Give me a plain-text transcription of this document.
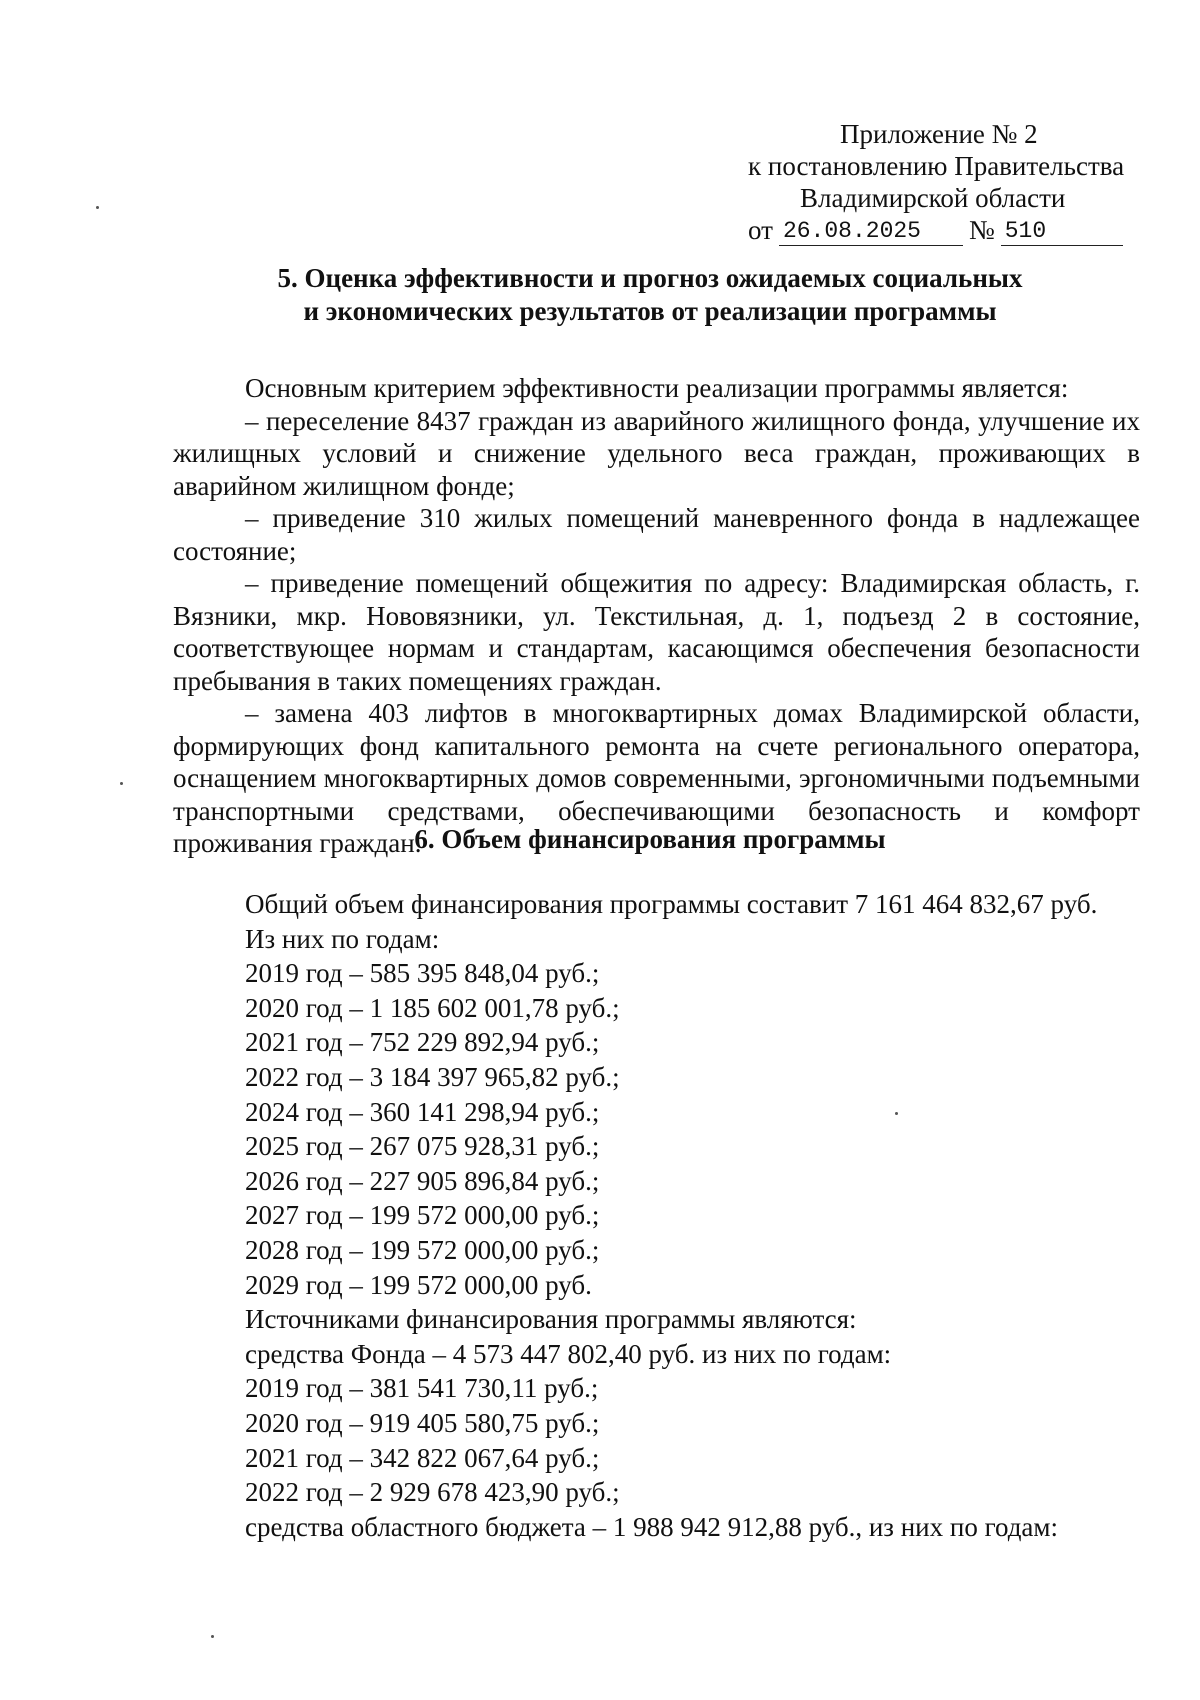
Приложение № 2
к постановлению Правительства
Владимирской области
от 26.08.2025	№ 510
5. Оценка эффективности и прогноз ожидаемых социальных
и экономических результатов от реализации программы

Основным критерием эффективности реализации программы является:

– переселение 8437 граждан из аварийного жилищного фонда, улучшение их жилищных условий и снижение удельного веса граждан, проживающих в аварийном жилищном фонде;

– приведение 310 жилых помещений маневренного фонда в надлежащее состояние;

– приведение помещений общежития по адресу: Владимирская область, г. Вязники, мкр. Нововязники, ул. Текстильная, д. 1, подъезд 2 в состояние, соответствующее нормам и стандартам, касающимся обеспечения безопасности пребывания в таких помещениях граждан.

– замена 403 лифтов в многоквартирных домах Владимирской области, формирующих фонд капитального ремонта на счете регионального оператора, оснащением многоквартирных домов современными, эргономичными подъемными транспортными средствами, обеспечивающими безопасность и комфорт проживания граждан.

6. Объем финансирования программы
Общий объем финансирования программы составит 7 161 464 832,67 руб.
Из них по годам:
2019 год – 585 395 848,04 руб.;
2020 год – 1 185 602 001,78 руб.;
2021 год – 752 229 892,94 руб.;
2022 год – 3 184 397 965,82 руб.;
2024 год – 360 141 298,94 руб.;
2025 год – 267 075 928,31 руб.;
2026 год – 227 905 896,84 руб.;
2027 год – 199 572 000,00 руб.;
2028 год – 199 572 000,00 руб.;
2029 год – 199 572 000,00 руб.
Источниками финансирования программы являются:
средства Фонда – 4 573 447 802,40 руб. из них по годам:
2019 год – 381 541 730,11 руб.;
2020 год – 919 405 580,75 руб.;
2021 год – 342 822 067,64 руб.;
2022 год – 2 929 678 423,90 руб.;
средства областного бюджета – 1 988 942 912,88 руб., из них по годам:
